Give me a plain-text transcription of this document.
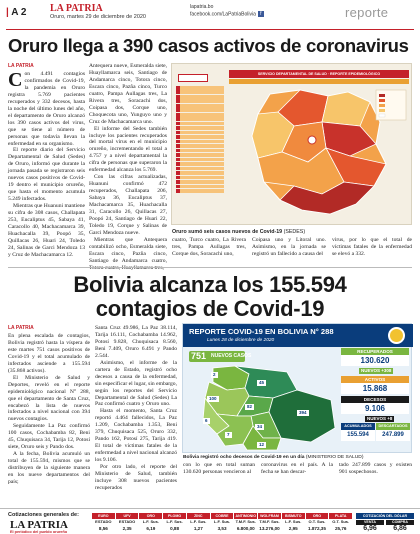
| A 2 LA PATRIA
Oruro, martes 29 de diciembre de 2020
lapatria.bo
facebook.com/LaPatriaBolivia f	reporte
Oruro llega a 390 casos activos de coronavirus
LA PATRIA
C on 4.491 contagios confirmados de Covid-19, la pandemia en Oruro registra 5.769 pacientes recuperados y 332 decesos, hasta la noche del último lunes del año, el departamento de Oruro alcanzó los 390 casos activos del virus, que se tiene al número de personas que todavía llevan la enfermedad en su organismo.

El reporte diario del Servicio Departamental de Salud (Sedes) de Oruro, informó que durante la jornada pasada se registraron seis nuevos casos positivos de Covid-19 dentro el municipio orureño, que hasta el momento acumula 5.249 infectados.

Mientras que Huanuni mantiene su cifra de 308 casos, Challapata 253, Eucaliptus 45, Sabaya 41, Caracollo 40, Machacamarca 39, Huachacalla 39, Poopó 35, Quillacas 26, Huari 24, Toledo 24, Salinas de Garci Mendoza 13 y Cruz de Machacamarca 12.

Antequera nueve, Esmeralda siete, Huayllamarca seis, Santiago de Andamarca cinco, Totora cinco, Escara cinco, Pazña cinco, Turco cuatro, Pampa Aullagas tres, La Rivera tres, Soracachi dos, Coipasa dos, Corque uno, Choquecota uno, Yunguyo uno y Cruz de Machacamarca uno.

El informe del Sedes también incluye los pacientes recuperados del mortal virus en el municipio orureño, incrementando el total a 4.757 y a nivel departamental la cifra de personas que superaron la enfermedad alcanza los 5.769.

Con las cifras actualizadas, Huanuni confirmó 472 recuperados, Challapata 206, Sabaya 36, Eucaliptus 37, Machacamarca 35, Huachacalla 31, Caracollo 26, Quillacas 27, Poopó 24, Santiago de Huari 22, Toledo 19, Corque y Salinas de Garci Mendoza nueve.

Mientras que Antequera contabilizó ocho, Esmeralda siete, Escara cinco, Pazña cinco, Santiago de Andamarca cuatro,

SERVICIO DEPARTAMENTAL DE SALUD · REPORTE EPIDEMIOLÓGICO
Oruro sumó seis casos nuevos de Covid-19 (SEDES)
cuatro, Turco cuatro, La Rivera tres, Pampa Aullagas tres, Corque dos, Soracachi uno,
Coipasa uno y Litoral uno. Asimismo, en la jornada se registró un fallecido a causa del
virus, por lo que el total de víctimas fatales de la enfermedad se elevó a 332.
Bolivia alcanza los 155.594
contagios de Covid-19
LA PATRIA

En plena escalada de contagios, Bolivia registró hasta la víspera de este martes 751 casos positivos de Covid-19 y el total acumulado de infectados asciende a 155.594 (35.868 activos).

El Ministerio de Salud y Deportes, reveló en el reporte epidemiológico nacional N° 288, que el departamento de Santa Cruz, encabezó la lista de nuevos infectados a nivel nacional con 394 nuevos contagios.

Seguidamente La Paz confirmó 100 casos, Cochabamba 82, Beni 45, Chuquisaca 34, Tarija 12, Potosí siete, Oruro seis y Pando dos.

A la fecha, Bolivia acumuló un total de 155.594, mismos que se distribuyen de la siguiente manera en los nueve departamentos del país;

Santa Cruz 49.986, La Paz 38.114, Tarija 16.111, Cochabamba 14.962, Potosí 9.828, Chuquisaca 8.560, Beni 7.409, Oruro 6.491 y Pando 2.544.

Asimismo, el informe de la cartera de Estado, registró ocho decesos a causa de la enfermedad, sin especificar el lugar, sin embargo, según los reportes del Servicio Departamental de Salud (Sedes) La Paz confirmó cuatro y Oruro uno.

Hasta el momento, Santa Cruz reportó 4.464 fallecidos, La Paz 1.209, Cochabamba 1.353, Beni 379, Chuquisaca 525, Oruro 332, Pando 162, Potosí 275, Tarija 419. El total de víctimas fatales de la enfermedad a nivel nacional alcanzó los 9.106.

Por otro lado, el reporte del Ministerio de Salud, también incluye 308 nuevos pacientes recuperados

REPORTE COVID-19 EN BOLIVIA N° 288
Lunes 28 de diciembre de 2020
751 NUEVOS CASOS
2
45
100
82
394
6
34
7
12
RECUPERADOS
130.620
NUEVOS +308
ACTIVOS
15.868
DECESOS
9.106
NUEVOS +8
ACUMULADOS
155.594
DESCARTADOS
247.899
Bolivia registró ocho decesos de Covid-19 en un día (MINISTERIO DE SALUD)
con lo que en total suman 130.620 personas vencieron al
coronavirus en el país. A la fecha se han descar-
tado 247.899 casos y existen 901 sospechosos.
Cotizaciones generales de:
LA PATRIA
El periódico del pueblo orureño
EURO
ESTADO
8,56
UFV
ESTADO
2,35
ORO
L.F. Sus.
6,19
PLOMO
L.F. Sus.
0,88
ZINC
L.F. Sus.
1,27
COBRE
L.F. Sus.
3,53
ANTIMONIO
T.M.F. Sus.
6.800,00
WOLFRAM
T.M.F. Sus.
13.276,00
BISMUTO
L.F. Sus.
2,95
ORO
O.T. Sus.
1.872,35
PLATA
O.T. Sus.
25,76
COTIZACIÓN DEL DÓLAR
VENTA
6,96
COMPRA
6,86
